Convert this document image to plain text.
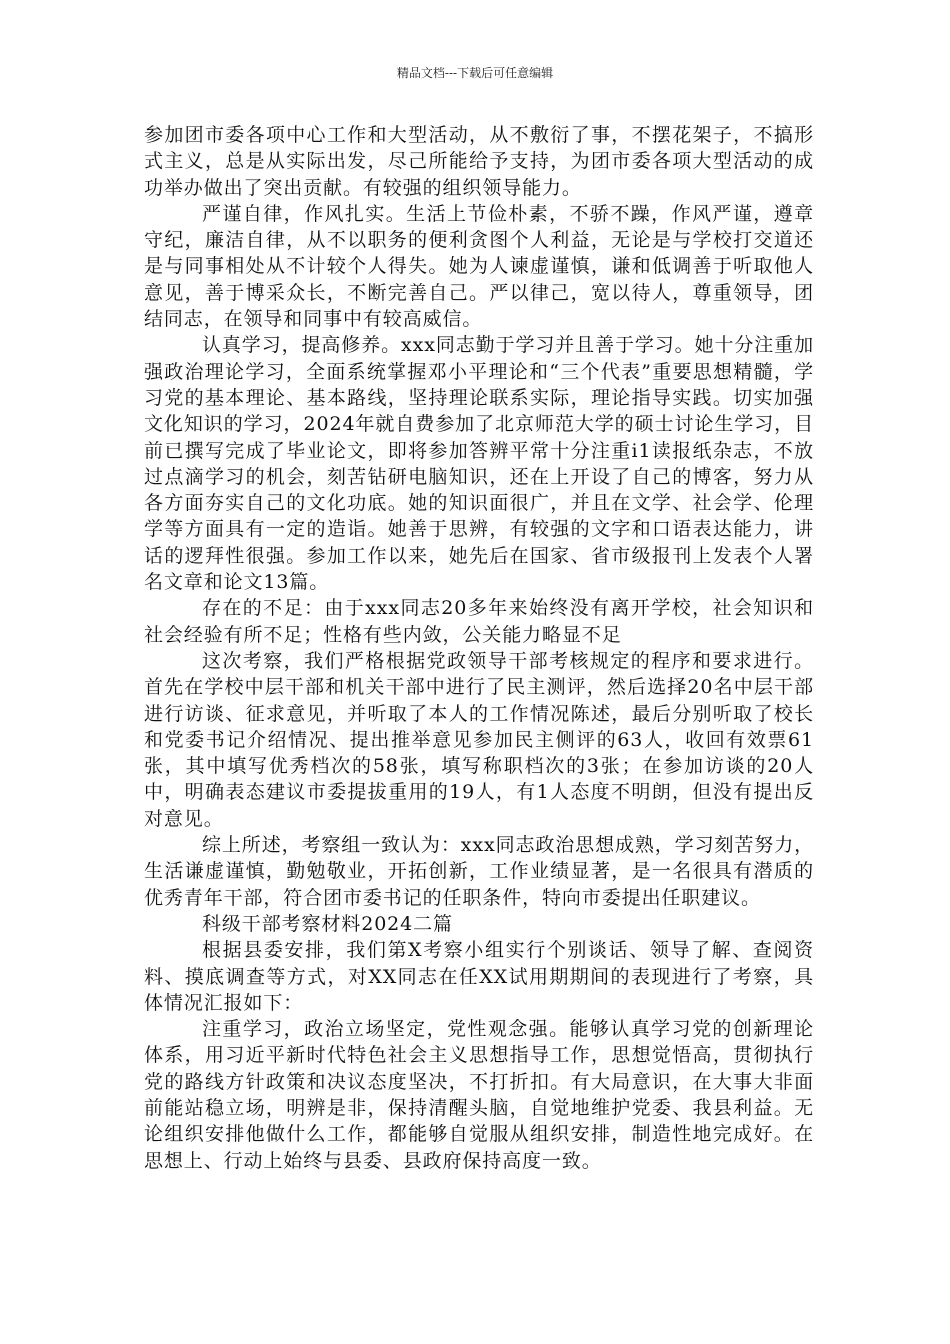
精品文档---下载后可任意编辑

参加团市委各项中心工作和大型活动，从不敷衍了事，不摆花架子，不搞形式主义，总是从实际出发，尽己所能给予支持，为团市委各项大型活动的成功举办做出了突出贡献。有较强的组织领导能力。

严谨自律，作风扎实。生活上节俭朴素，不骄不躁，作风严谨，遵章守纪，廉洁自律，从不以职务的便利贪图个人利益，无论是与学校打交道还是与同事相处从不计较个人得失。她为人谏虚谨慎，谦和低调善于听取他人意见，善于博采众长，不断完善自己。严以律己，宽以待人，尊重领导，团结同志，在领导和同事中有较高威信。

认真学习，提高修养。xxx同志勤于学习并且善于学习。她十分注重加强政治理论学习，全面系统掌握邓小平理论和“三个代表”重要思想精髓，学习党的基本理论、基本路线，坚持理论联系实际，理论指导实践。切实加强文化知识的学习，2024年就自费参加了北京师范大学的硕士讨论生学习，目前已撰写完成了毕业论文，即将参加答辨平常十分注重i1读报纸杂志，不放过点滴学习的机会，刻苦钻研电脑知识，还在上开设了自己的博客，努力从各方面夯实自己的文化功底。她的知识面很广，并且在文学、社会学、伦理学等方面具有一定的造诣。她善于思辨，有较强的文字和口语表达能力，讲话的逻拜性很强。参加工作以来，她先后在国家、省市级报刊上发表个人署名文章和论文13篇。

存在的不足：由于xxx同志20多年来始终没有离开学校，社会知识和社会经验有所不足；性格有些内敛，公关能力略显不足

这次考察，我们严格根据党政领导干部考核规定的程序和要求进行。首先在学校中层干部和机关干部中进行了民主测评，然后选择20名中层干部进行访谈、征求意见，并听取了本人的工作情况陈述，最后分别听取了校长和党委书记介绍情况、提出推举意见参加民主侧评的63人，收回有效票61张，其中填写优秀档次的58张，填写称职档次的3张；在参加访谈的20人中，明确表态建议市委提拔重用的19人，有1人态度不明朗，但没有提出反对意见。

综上所述，考察组一致认为：xxx同志政治思想成熟，学习刻苦努力，生活谦虚谨慎，勤勉敬业，开拓创新，工作业绩显著，是一名很具有潜质的优秀青年干部，符合团市委书记的任职条件，特向市委提出任职建议。

科级干部考察材料2024二篇

根据县委安排，我们第X考察小组实行个别谈话、领导了解、查阅资料、摸底调查等方式，对XX同志在任XX试用期期间的表现进行了考察，具体情况汇报如下：

注重学习，政治立场坚定，党性观念强。能够认真学习党的创新理论体系，用习近平新时代特色社会主义思想指导工作，思想觉悟高，贯彻执行党的路线方针政策和决议态度坚决，不打折扣。有大局意识，在大事大非面前能站稳立场，明辨是非，保持清醒头脑，自觉地维护党委、我县利益。无论组织安排他做什么工作，都能够自觉服从组织安排，制造性地完成好。在思想上、行动上始终与县委、县政府保持高度一致。
